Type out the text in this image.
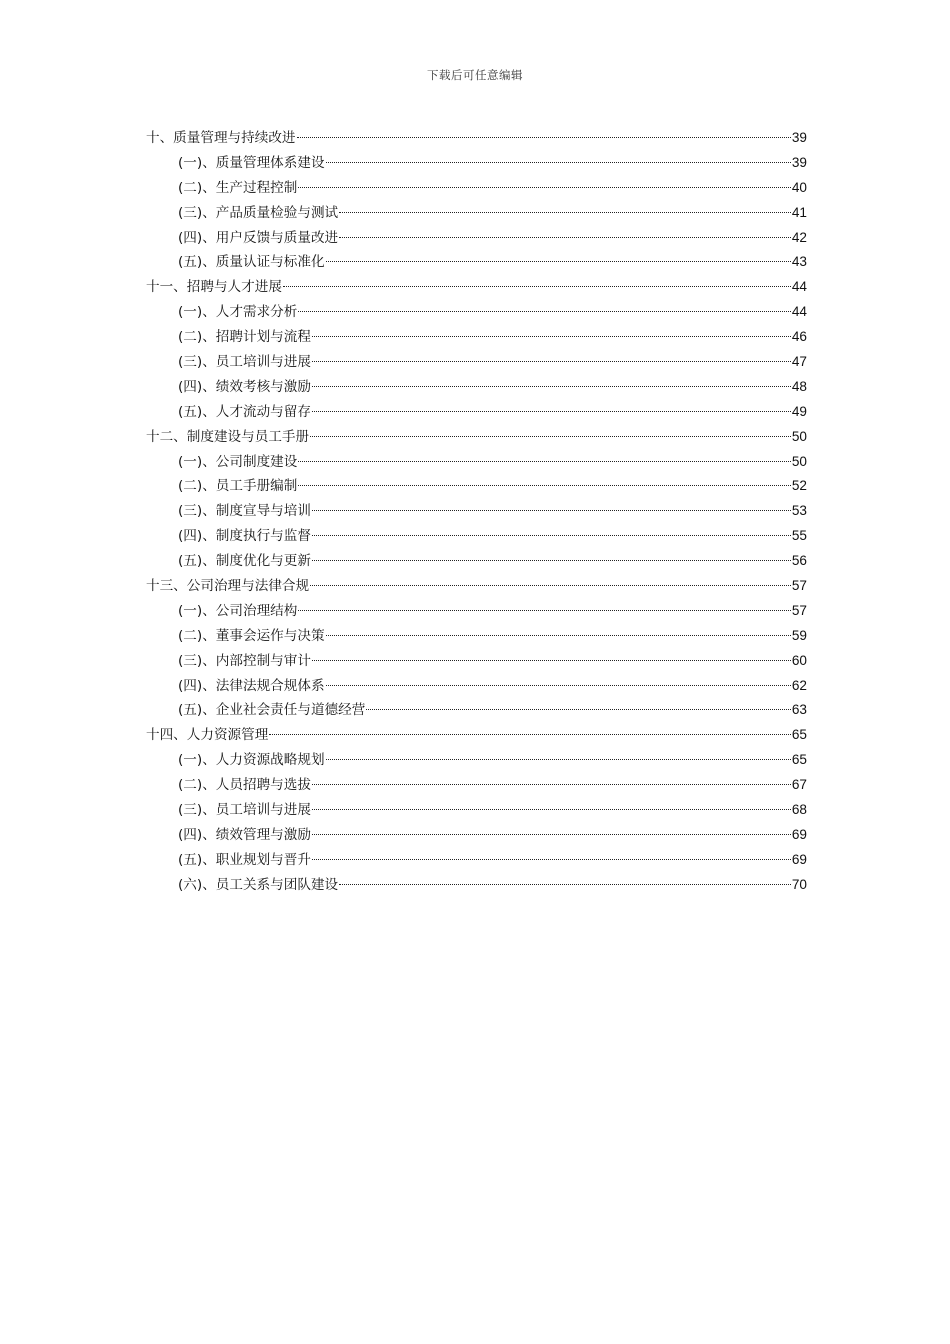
下载后可任意编辑
十、质量管理与持续改进	39
(一)、质量管理体系建设	39
(二)、生产过程控制	40
(三)、产品质量检验与测试	41
(四)、用户反馈与质量改进	42
(五)、质量认证与标准化	43
十一、招聘与人才进展	44
(一)、人才需求分析	44
(二)、招聘计划与流程	46
(三)、员工培训与进展	47
(四)、绩效考核与激励	48
(五)、人才流动与留存	49
十二、制度建设与员工手册	50
(一)、公司制度建设	50
(二)、员工手册编制	52
(三)、制度宣导与培训	53
(四)、制度执行与监督	55
(五)、制度优化与更新	56
十三、公司治理与法律合规	57
(一)、公司治理结构	57
(二)、董事会运作与决策	59
(三)、内部控制与审计	60
(四)、法律法规合规体系	62
(五)、企业社会责任与道德经营	63
十四、人力资源管理	65
(一)、人力资源战略规划	65
(二)、人员招聘与选拔	67
(三)、员工培训与进展	68
(四)、绩效管理与激励	69
(五)、职业规划与晋升	69
(六)、员工关系与团队建设	70
